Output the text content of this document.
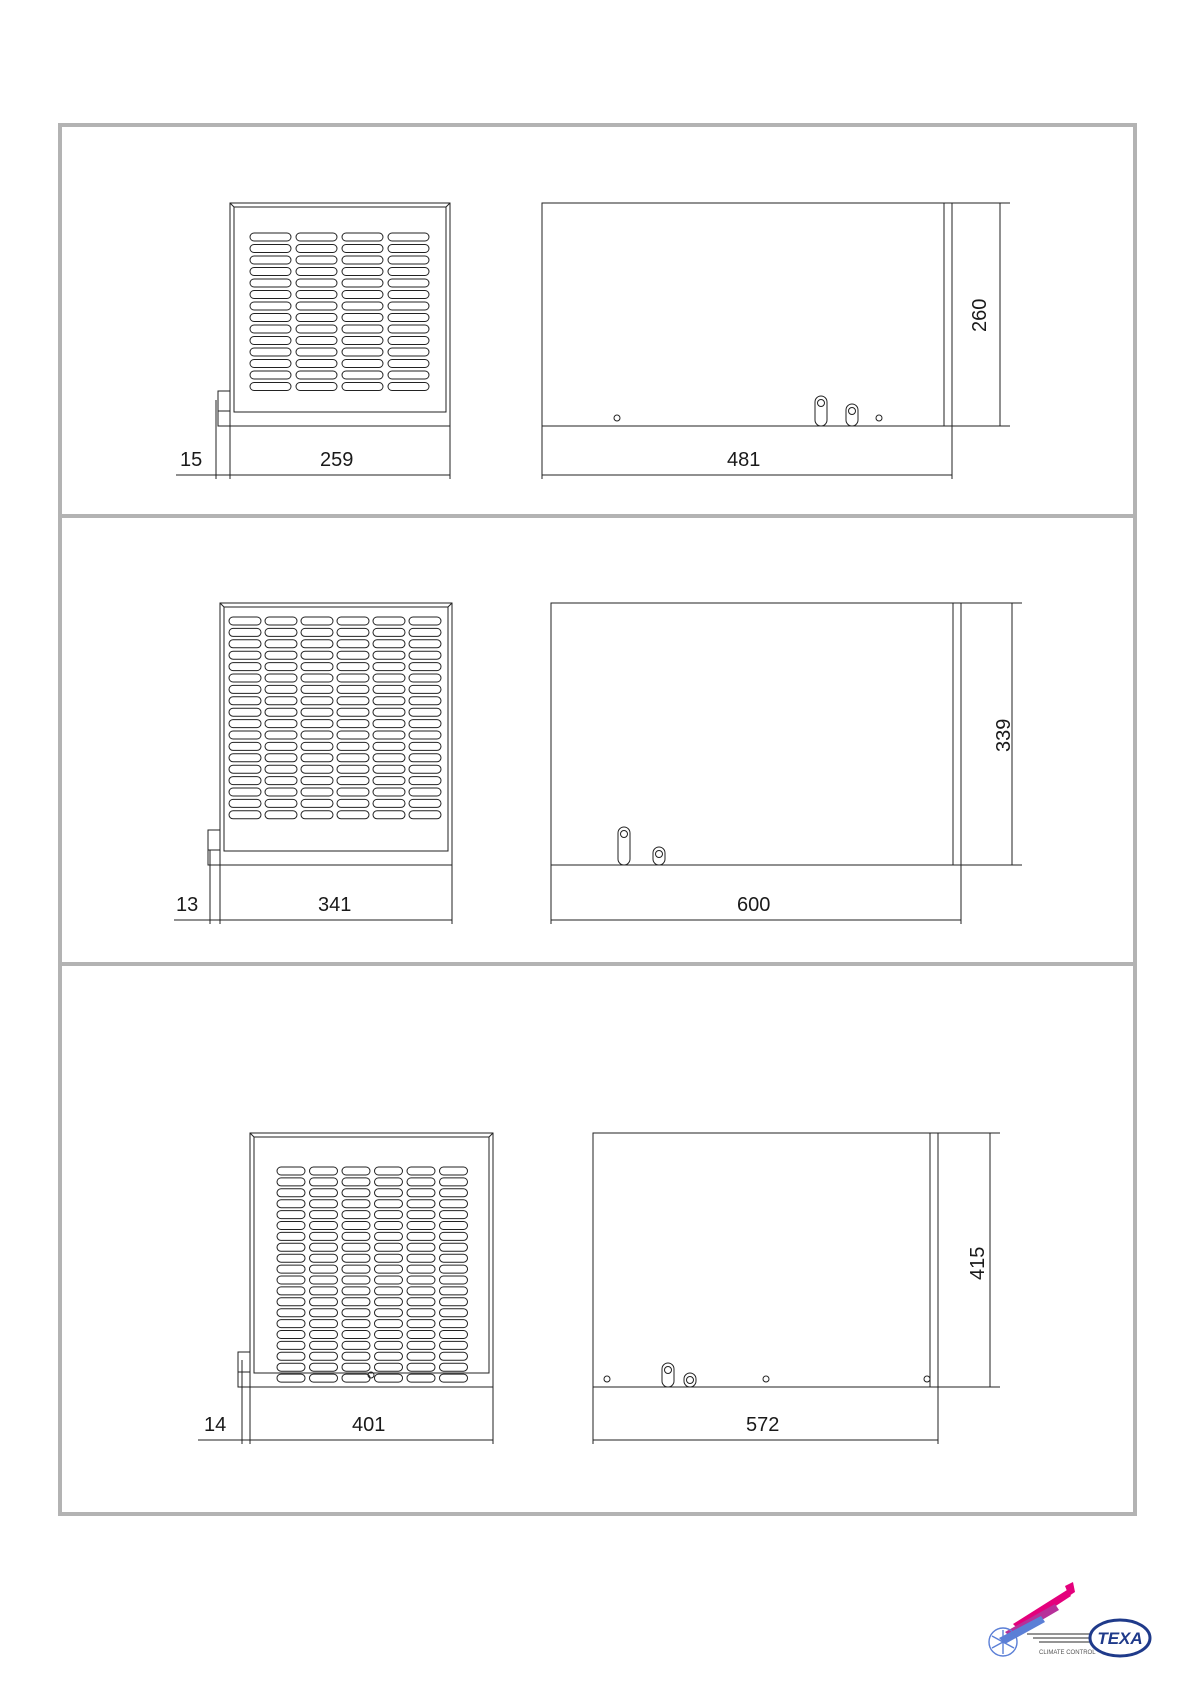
15	259	481
260
13	341	600
339
14	401	572
415
TEXA
CLIMATE CONTROL
